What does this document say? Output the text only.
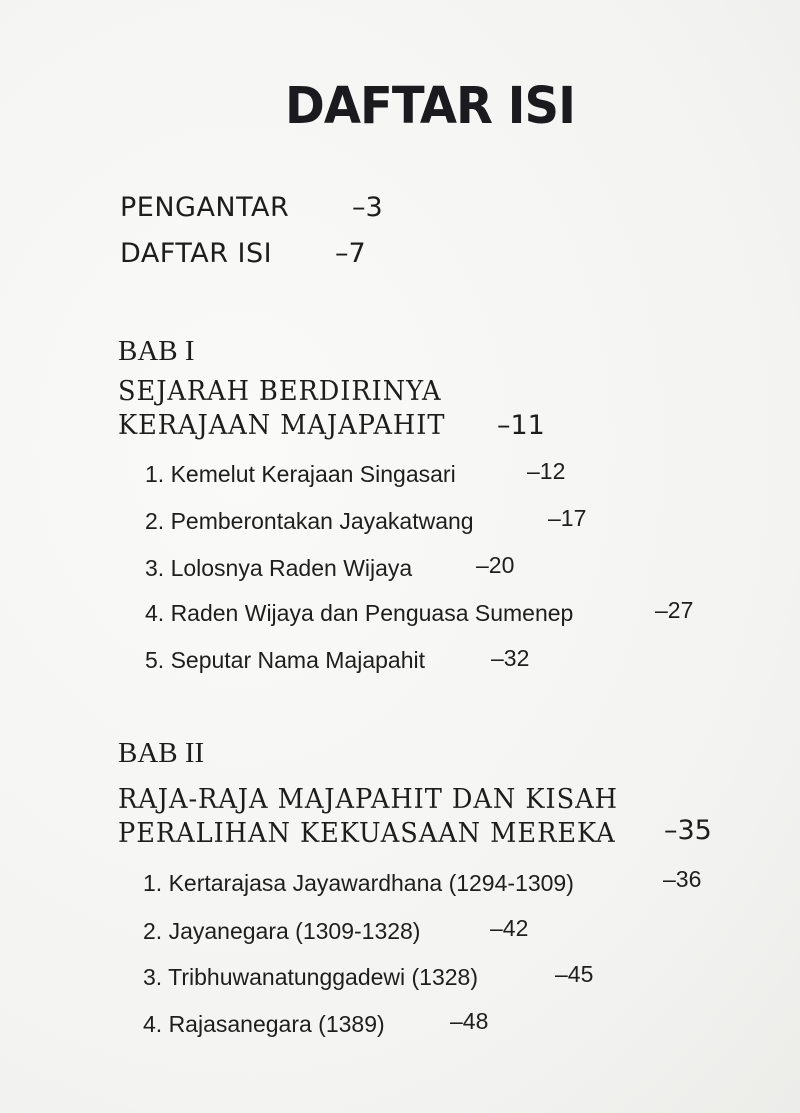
DAFTAR ISI
PENGANTAR –3
DAFTAR ISI –7
BAB I
SEJARAH BERDIRINYA
KERAJAAN MAJAPAHIT –11
1. Kemelut Kerajaan Singasari	–12
2. Pemberontakan Jayakatwang	–17
3. Lolosnya Raden Wijaya	–20
4. Raden Wijaya dan Penguasa Sumenep	–27
5. Seputar Nama Majapahit	–32
BAB II
RAJA-RAJA MAJAPAHIT DAN KISAH
PERALIHAN KEKUASAAN MEREKA –35
1. Kertarajasa Jayawardhana (1294-1309)	–36
2. Jayanegara (1309-1328)	–42
3. Tribhuwanatunggadewi (1328)	–45
4. Rajasanegara (1389)	–48
